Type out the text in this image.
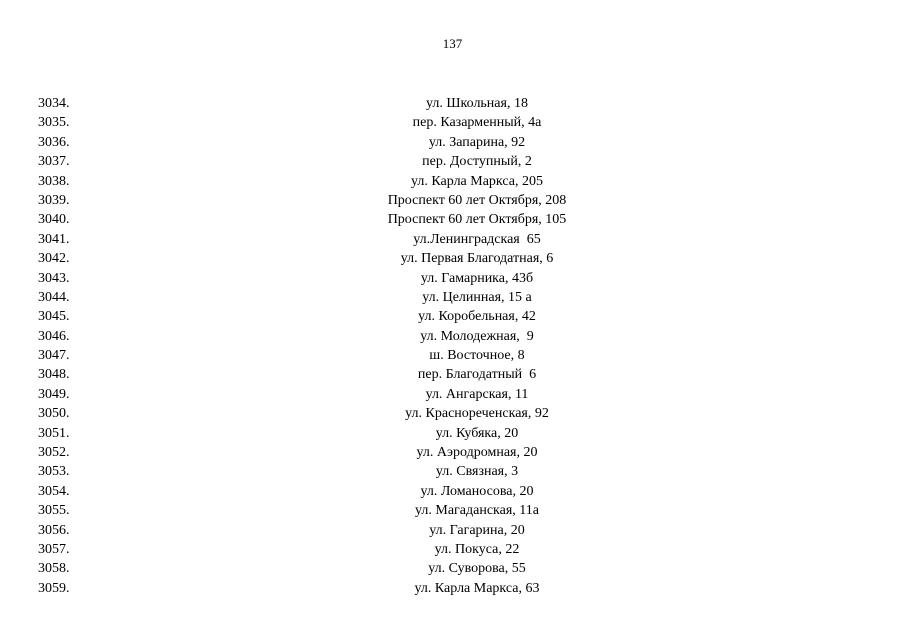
137
3034.	ул. Школьная, 18
3035.	пер. Казарменный, 4а
3036.	ул. Запарина, 92
3037.	пер. Доступный, 2
3038.	ул. Карла Маркса, 205
3039.	Проспект 60 лет Октября, 208
3040.	Проспект 60 лет Октября, 105
3041.	ул.Ленинградская  65
3042.	ул. Первая Благодатная, 6
3043.	ул. Гамарника, 43б
3044.	ул. Целинная, 15 а
3045.	ул. Коробельная, 42
3046.	ул. Молодежная,  9
3047.	ш. Восточное, 8
3048.	пер. Благодатный  6
3049.	ул. Ангарская, 11
3050.	ул. Краснореченская, 92
3051.	ул. Кубяка, 20
3052.	ул. Аэродромная, 20
3053.	ул. Связная, 3
3054.	ул. Ломаносова, 20
3055.	ул. Магаданская, 11а
3056.	ул. Гагарина, 20
3057.	ул. Покуса, 22
3058.	ул. Суворова, 55
3059.	ул. Карла Маркса, 63
